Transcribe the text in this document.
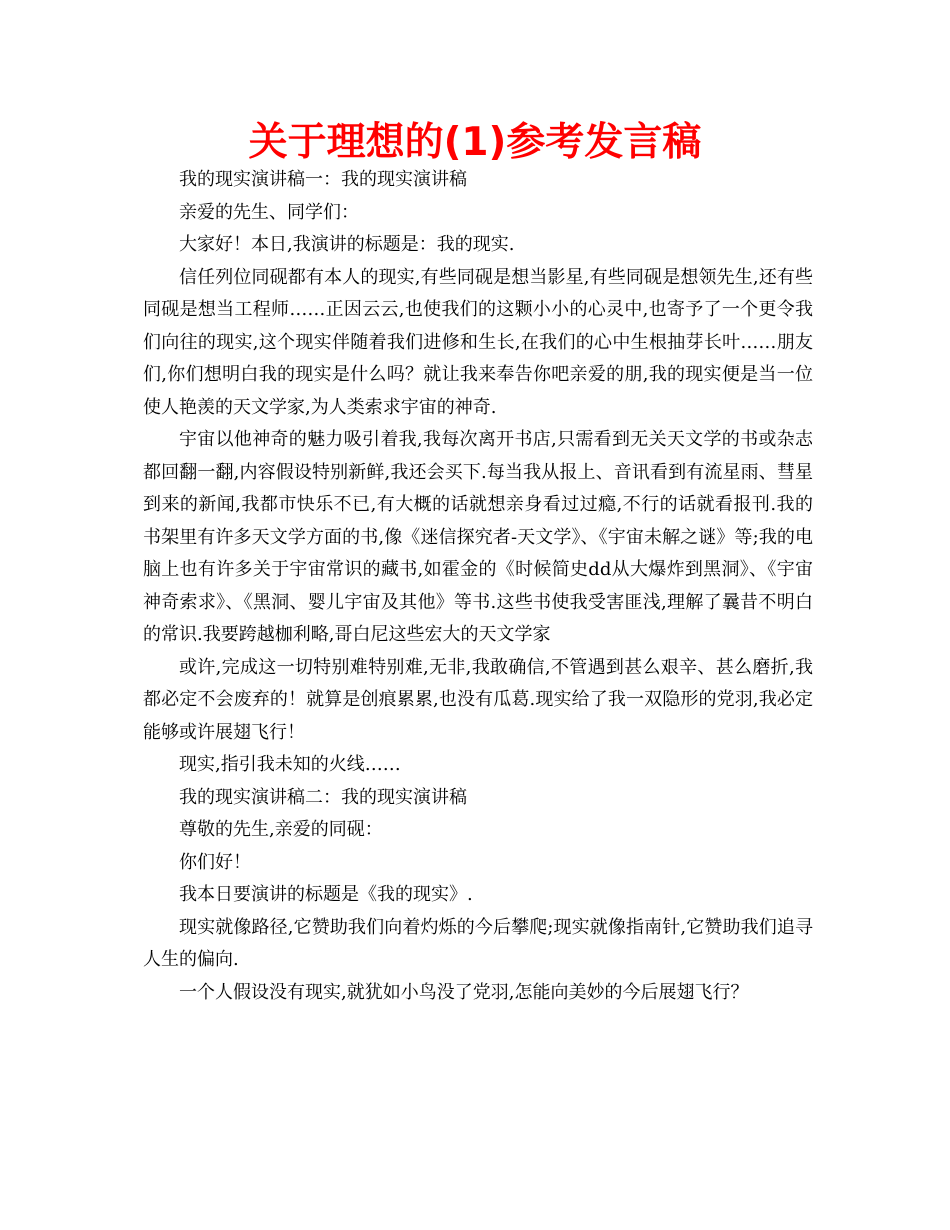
关于理想的(1)参考发言稿

我的现实演讲稿一：我的现实演讲稿

亲爱的先生、同学们：

大家好！本日,我演讲的标题是：我的现实.

信任列位同砚都有本人的现实,有些同砚是想当影星,有些同砚是想领先生,还有些同砚是想当工程师……正因云云,也使我们的这颗小小的心灵中,也寄予了一个更令我们向往的现实,这个现实伴随着我们进修和生长,在我们的心中生根抽芽长叶……朋友们,你们想明白我的现实是什么吗？就让我来奉告你吧亲爱的朋,我的现实便是当一位使人艳羡的天文学家,为人类索求宇宙的神奇.

宇宙以他神奇的魅力吸引着我,我每次离开书店,只需看到无关天文学的书或杂志都回翻一翻,内容假设特别新鲜,我还会买下.每当我从报上、音讯看到有流星雨、彗星到来的新闻,我都市快乐不已,有大概的话就想亲身看过过瘾,不行的话就看报刊.我的书架里有许多天文学方面的书,像《迷信探究者-天文学》、《宇宙未解之谜》等;我的电脑上也有许多关于宇宙常识的藏书,如霍金的《时候简史dd从大爆炸到黑洞》、《宇宙神奇索求》、《黑洞、婴儿宇宙及其他》等书.这些书使我受害匪浅,理解了曩昔不明白的常识.我要跨越枷利略,哥白尼这些宏大的天文学家

或许,完成这一切特别难特别难,无非,我敢确信,不管遇到甚么艰辛、甚么磨折,我都必定不会废弃的！就算是创痕累累,也没有瓜葛.现实给了我一双隐形的党羽,我必定能够或许展翅飞行！

现实,指引我未知的火线……

我的现实演讲稿二：我的现实演讲稿

尊敬的先生,亲爱的同砚：

你们好！

我本日要演讲的标题是《我的现实》.

现实就像路径,它赞助我们向着灼烁的今后攀爬;现实就像指南针,它赞助我们追寻人生的偏向.

一个人假设没有现实,就犹如小鸟没了党羽,怎能向美妙的今后展翅飞行？
